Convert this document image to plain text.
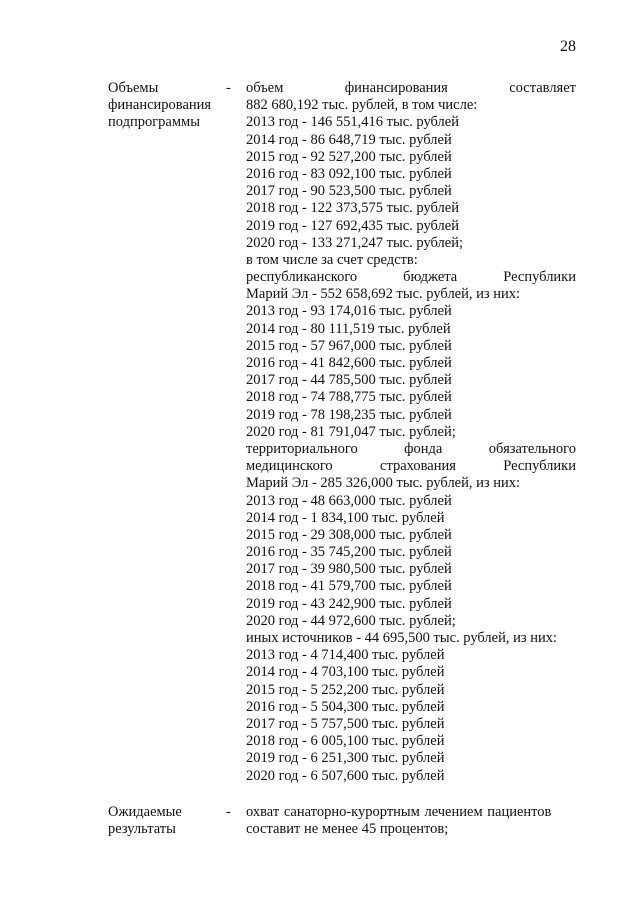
28
Объемы
финансирования
подпрограммы
-	объем	финансирования	составляет
882 680,192 тыс. рублей, в том числе:
2013 год - 146 551,416 тыс. рублей
2014 год - 86 648,719 тыс. рублей
2015 год - 92 527,200 тыс. рублей
2016 год - 83 092,100 тыс. рублей
2017 год - 90 523,500 тыс. рублей
2018 год - 122 373,575 тыс. рублей
2019 год - 127 692,435 тыс. рублей
2020 год - 133 271,247 тыс. рублей;
в том числе за счет средств:
республиканского	бюджета	Республики
Марий Эл - 552 658,692 тыс. рублей, из них:
2013 год - 93 174,016 тыс. рублей
2014 год - 80 111,519 тыс. рублей
2015 год - 57 967,000 тыс. рублей
2016 год - 41 842,600 тыс. рублей
2017 год - 44 785,500 тыс. рублей
2018 год - 74 788,775 тыс. рублей
2019 год - 78 198,235 тыс. рублей
2020 год - 81 791,047 тыс. рублей;
территориального	фонда	обязательного
медицинского	страхования	Республики
Марий Эл - 285 326,000 тыс. рублей, из них:
2013 год - 48 663,000 тыс. рублей
2014 год - 1 834,100 тыс. рублей
2015 год - 29 308,000 тыс. рублей
2016 год - 35 745,200 тыс. рублей
2017 год - 39 980,500 тыс. рублей
2018 год - 41 579,700 тыс. рублей
2019 год - 43 242,900 тыс. рублей
2020 год - 44 972,600 тыс. рублей;
иных источников - 44 695,500 тыс. рублей, из них:
2013 год - 4 714,400 тыс. рублей
2014 год - 4 703,100 тыс. рублей
2015 год - 5 252,200 тыс. рублей
2016 год - 5 504,300 тыс. рублей
2017 год - 5 757,500 тыс. рублей
2018 год - 6 005,100 тыс. рублей
2019 год - 6 251,300 тыс. рублей
2020 год - 6 507,600 тыс. рублей
Ожидаемые
результаты
-	охват санаторно-курортным лечением пациентов
составит не менее 45 процентов;
